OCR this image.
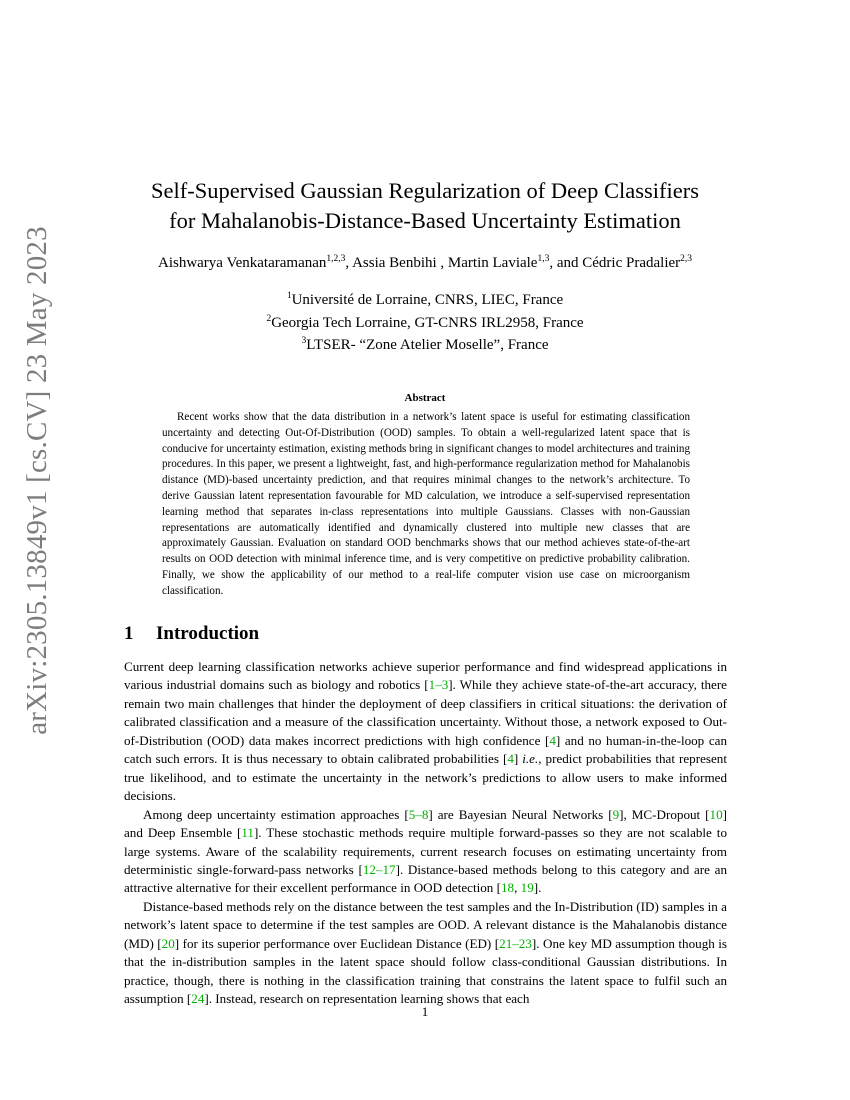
arXiv:2305.13849v1 [cs.CV] 23 May 2023
Self-Supervised Gaussian Regularization of Deep Classifiers
for Mahalanobis-Distance-Based Uncertainty Estimation
Aishwarya Venkataramanan$^{1,2,3}$, Assia Benbihi , Martin Laviale$^{1,3}$, and Cédric Pradalier$^{2,3}$
$^1$Université de Lorraine, CNRS, LIEC, France
$^2$Georgia Tech Lorraine, GT-CNRS IRL2958, France
$^3$LTSER- “Zone Atelier Moselle”, France
Abstract
Recent works show that the data distribution in a network’s latent space is useful for estimating classification uncertainty and detecting Out-Of-Distribution (OOD) samples. To obtain a well-regularized latent space that is conducive for uncertainty estimation, existing methods bring in significant changes to model architectures and training procedures. In this paper, we present a lightweight, fast, and high-performance regularization method for Mahalanobis distance (MD)-based uncertainty prediction, and that requires minimal changes to the network’s architecture. To derive Gaussian latent representation favourable for MD calculation, we introduce a self-supervised representation learning method that separates in-class representations into multiple Gaussians. Classes with non-Gaussian representations are automatically identified and dynamically clustered into multiple new classes that are approximately Gaussian. Evaluation on standard OOD benchmarks shows that our method achieves state-of-the-art results on OOD detection with minimal inference time, and is very competitive on predictive probability calibration. Finally, we show the applicability of our method to a real-life computer vision use case on microorganism classification.
1 Introduction

Current deep learning classification networks achieve superior performance and find widespread applications in various industrial domains such as biology and robotics [1–3]. While they achieve state-of-the-art accuracy, there remain two main challenges that hinder the deployment of deep classifiers in critical situations: the derivation of calibrated classification and a measure of the classification uncertainty. Without those, a network exposed to Out-of-Distribution (OOD) data makes incorrect predictions with high confidence [4] and no human-in-the-loop can catch such errors. It is thus necessary to obtain calibrated probabilities [4] i.e., predict probabilities that represent true likelihood, and to estimate the uncertainty in the network’s predictions to allow users to make informed decisions.

Among deep uncertainty estimation approaches [5–8] are Bayesian Neural Networks [9], MC-Dropout [10] and Deep Ensemble [11]. These stochastic methods require multiple forward-passes so they are not scalable to large systems. Aware of the scalability requirements, current research focuses on estimating uncertainty from deterministic single-forward-pass networks [12–17]. Distance-based methods belong to this category and are an attractive alternative for their excellent performance in OOD detection [18, 19].

Distance-based methods rely on the distance between the test samples and the In-Distribution (ID) samples in a network’s latent space to determine if the test samples are OOD. A relevant distance is the Mahalanobis distance (MD) [20] for its superior performance over Euclidean Distance (ED) [21–23]. One key MD assumption though is that the in-distribution samples in the latent space should follow class-conditional Gaussian distributions. In practice, though, there is nothing in the classification training that constrains the latent space to fulfil such an assumption [24]. Instead, research on representation learning shows that each

1
